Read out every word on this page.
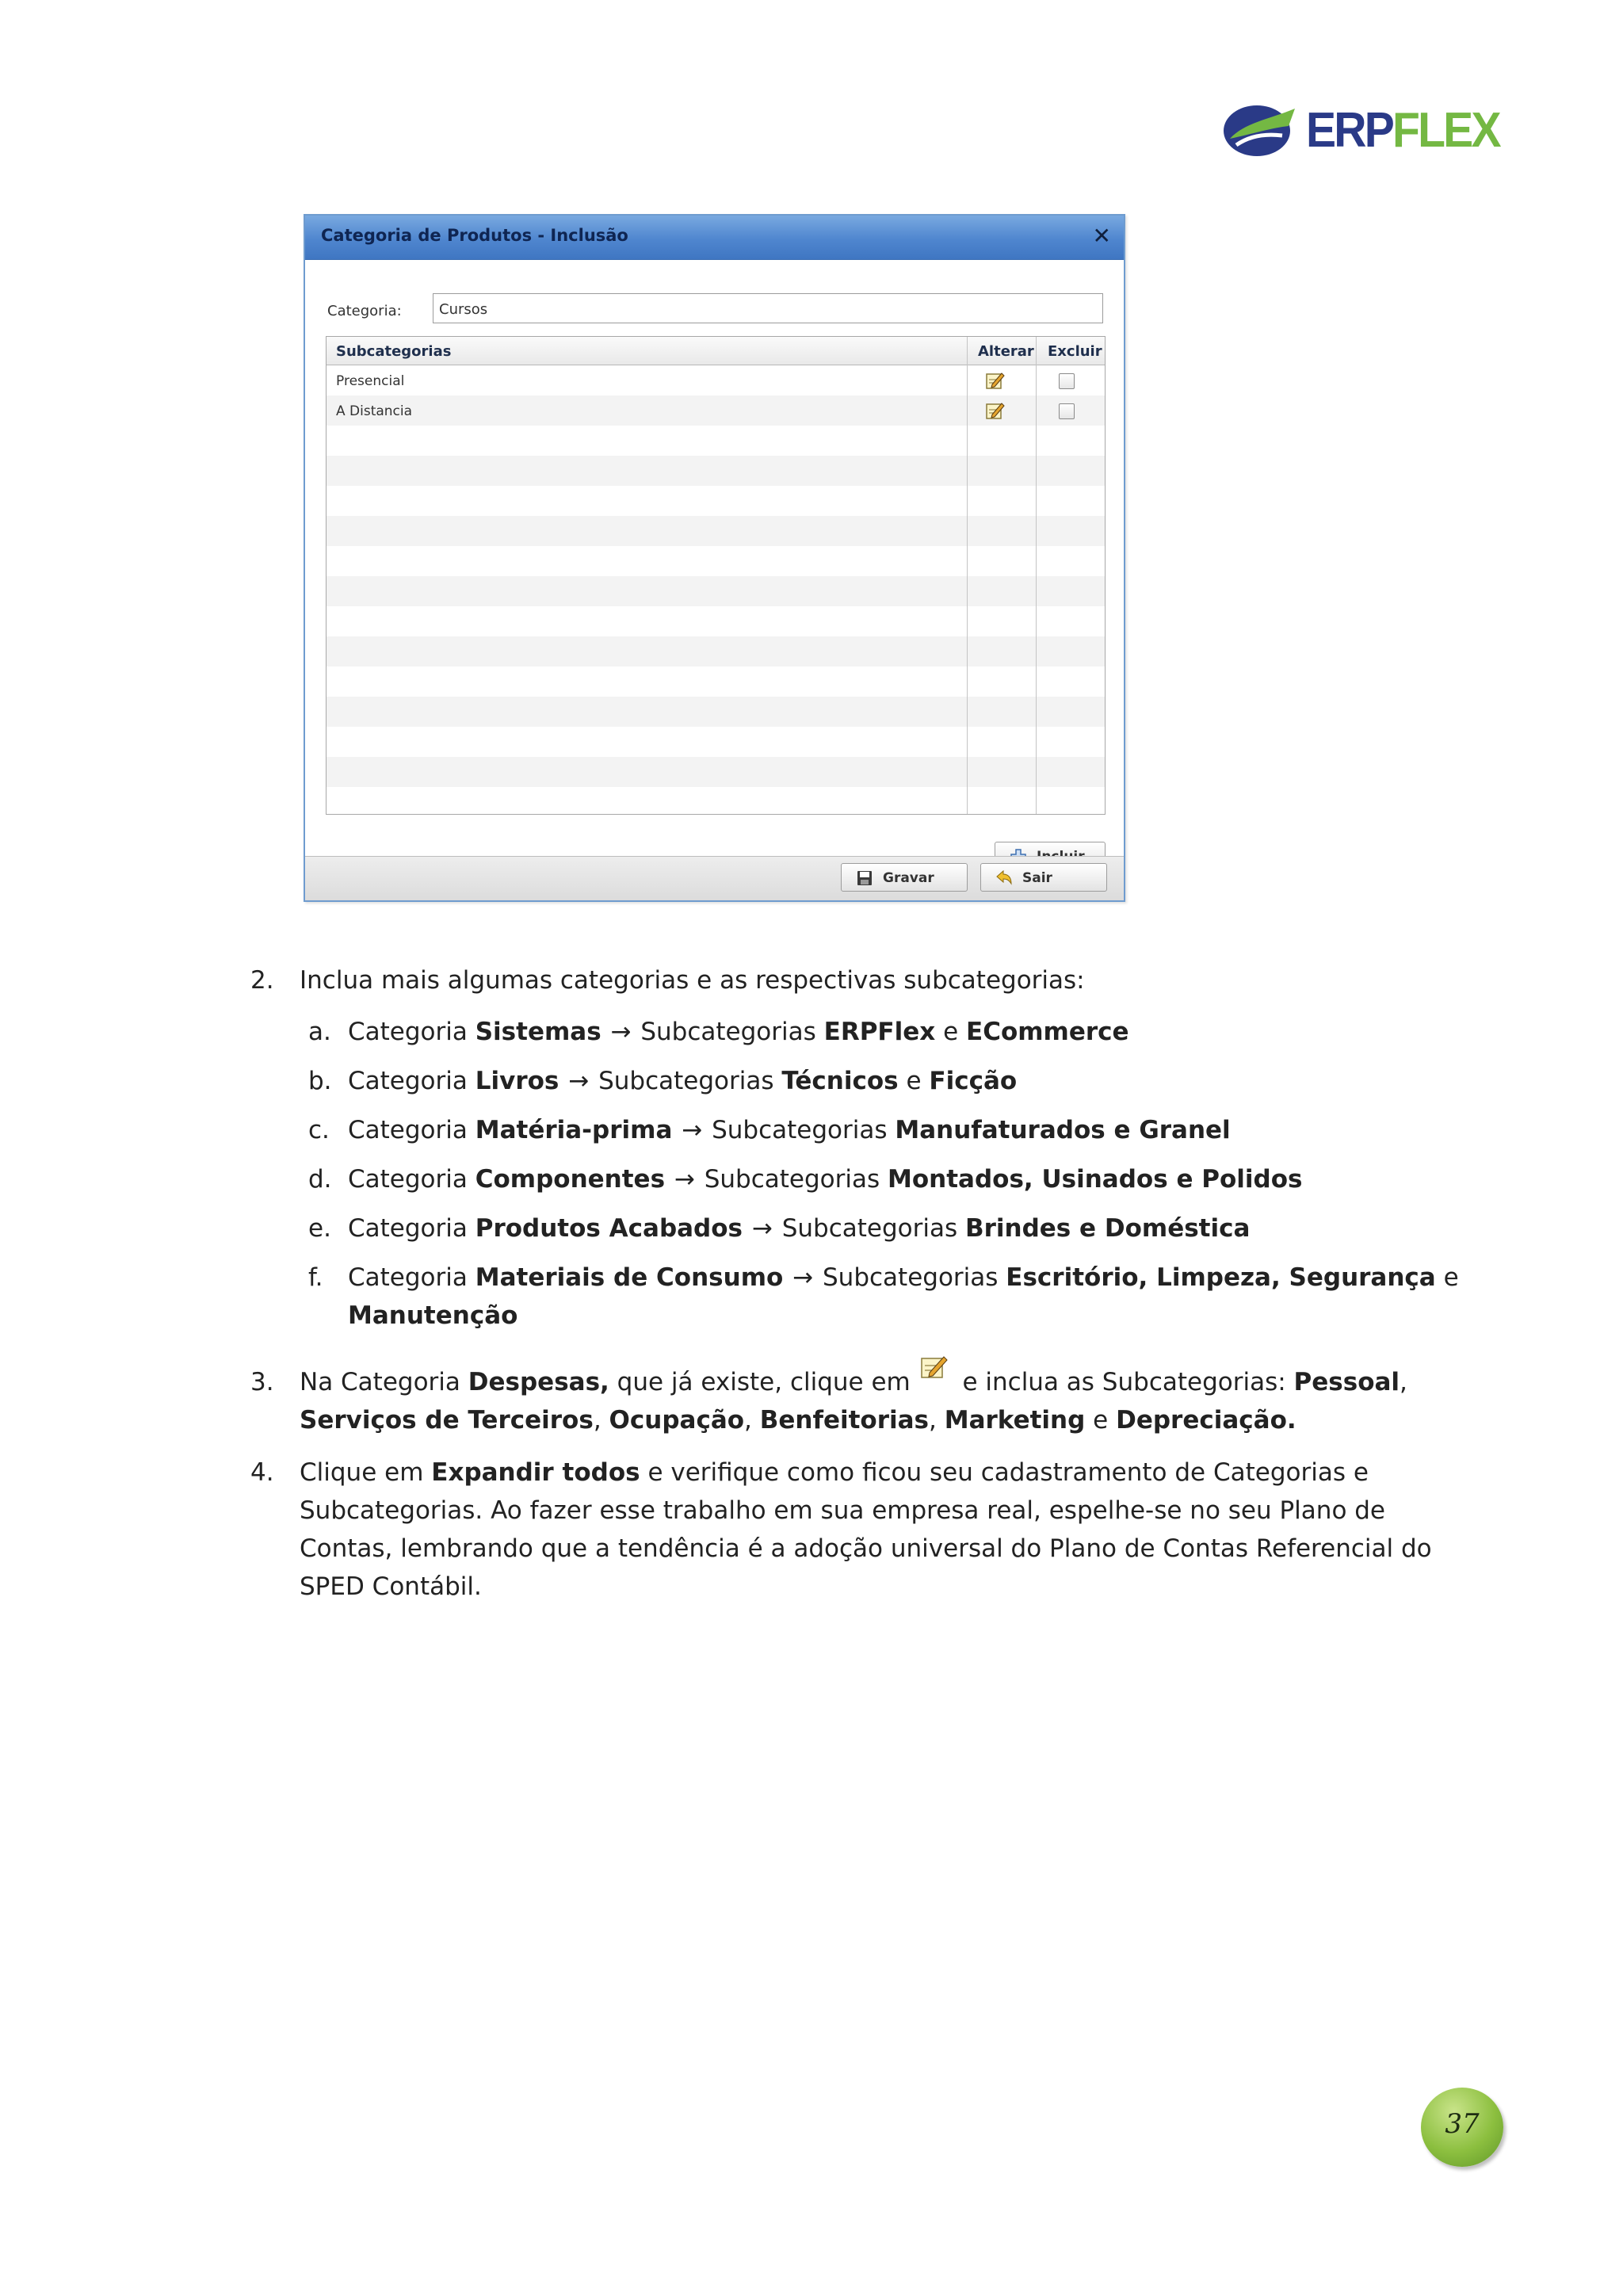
ERPFLEX
Categoria de Produtos - Inclusão	✕
Categoria:	Cursos
Subcategorias	Alterar Excluir
Presencial
A Distancia
Gravar	Sair
2. Inclua mais algumas categorias e as respectivas subcategorias:
a. Categoria Sistemas → Subcategorias ERPFlex e ECommerce
b. Categoria Livros → Subcategorias Técnicos e Ficção
c. Categoria Matéria-prima → Subcategorias Manufaturados e Granel
d. Categoria Componentes → Subcategorias Montados, Usinados e Polidos
e. Categoria Produtos Acabados → Subcategorias Brindes e Doméstica
f. Categoria Materiais de Consumo → Subcategorias Escritório, Limpeza, Segurança e Manutenção
3. Na Categoria Despesas, que já existe, clique em e inclua as Subcategorias: Pessoal, Serviços de Terceiros, Ocupação, Benfeitorias, Marketing e Depreciação.
4. Clique em Expandir todos e verifique como ficou seu cadastramento de Categorias e Subcategorias. Ao fazer esse trabalho em sua empresa real, espelhe-se no seu Plano de Contas, lembrando que a tendência é a adoção universal do Plano de Contas Referencial do SPED Contábil.
37
